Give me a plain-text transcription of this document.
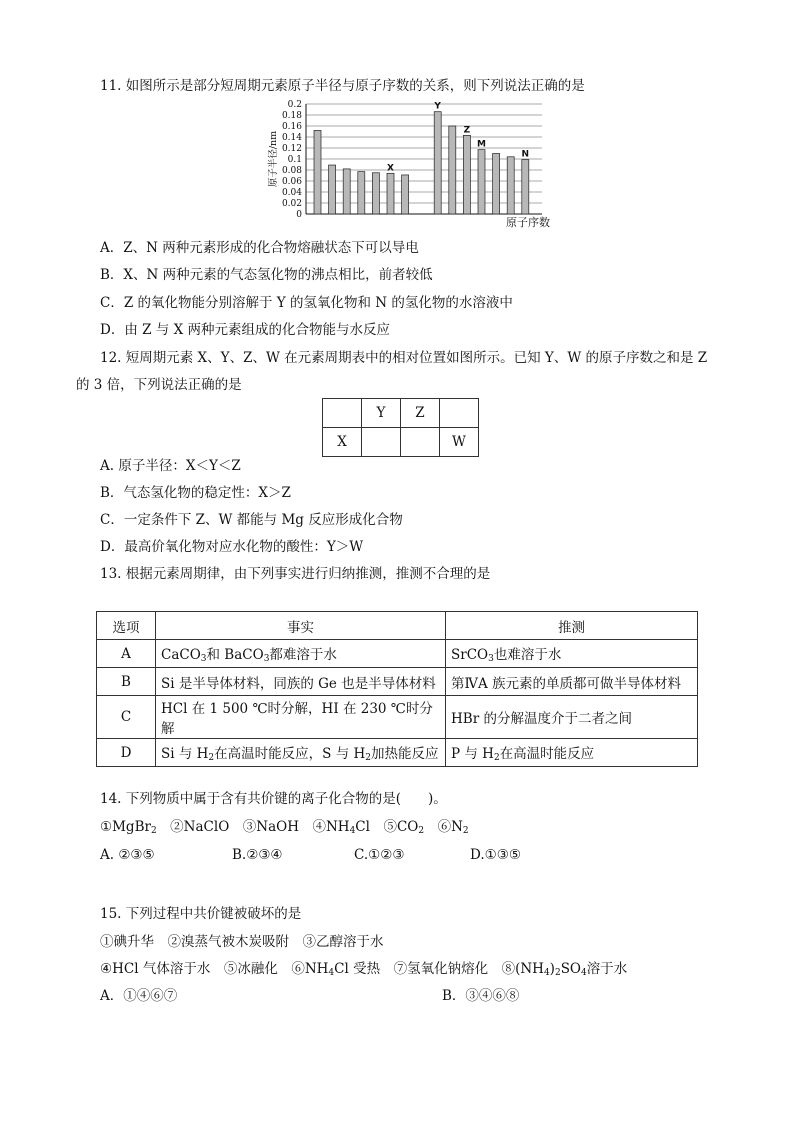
11. 如图所示是部分短周期元素原子半径与原子序数的关系，则下列说法正确的是
0.2
0.18
0.16
0.14
0.12
0.1
0.08
0.06
0.04
0.02
0
X
Y
Z
M
N
原子半径/nm
原子序数
A．Z、N 两种元素形成的化合物熔融状态下可以导电
B．X、N 两种元素的气态氢化物的沸点相比，前者较低
C．Z 的氧化物能分别溶解于 Y 的氢氧化物和 N 的氢化物的水溶液中
D．由 Z 与 X 两种元素组成的化合物能与水反应
12. 短周期元素 X、Y、Z、W 在元素周期表中的相对位置如图所示。已知 Y、W 的原子序数之和是 Z
的 3 倍，下列说法正确的是
	Y	Z	
X			W
A. 原子半径：X＜Y＜Z
B．气态氢化物的稳定性：X＞Z
C．一定条件下 Z、W 都能与 Mg 反应形成化合物
D．最高价氧化物对应水化物的酸性：Y＞W
13. 根据元素周期律，由下列事实进行归纳推测，推测不合理的是
选项	事实	推测
A	CaCO$_3$和 BaCO$_3$都难溶于水	SrCO$_3$也难溶于水
B	Si 是半导体材料，同族的 Ge 也是半导体材料	第ⅣA 族元素的单质都可做半导体材料
C	HCl 在 1 500 ℃时分解，HI 在 230 ℃时分解	HBr 的分解温度介于二者之间
D	Si 与 $H_2$在高温时能反应，S 与 $H_2$加热能反应	P 与 $H_2$在高温时能反应
14. 下列物质中属于含有共价键的离子化合物的是(　　)。
①MgBr$_2$　②NaClO　③NaOH　$④NH_4Cl$　$⑤CO_2$　$⑥N_2$
A. ②③⑤	B.②③④	C.①②③	D.①③⑤
15. 下列过程中共价键被破坏的是
①碘升华　②溴蒸气被木炭吸附　③乙醇溶于水
④HCl 气体溶于水　⑤冰融化　$⑥NH_4Cl$ 受热　⑦氢氧化钠熔化　$⑧(NH_4)_2SO_4$溶于水
A．①④⑥⑦	B．③④⑥⑧
